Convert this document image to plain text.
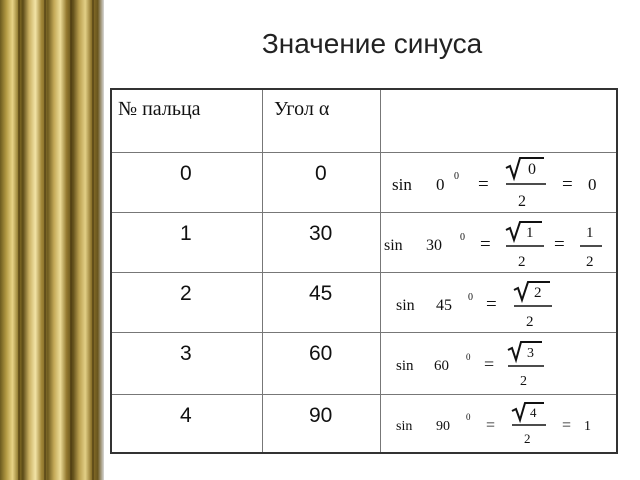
Значение синуса
№ пальца	Угол α
0
1
2
3
4
0
30
45
60
90
sin 0 0 =
0
2
= 0
sin 30 0 =
1
2
=
1
2
sin 45 0 =
2
2
sin 60
0 =
3
2
sin 90
0 =
4
2
= 1
